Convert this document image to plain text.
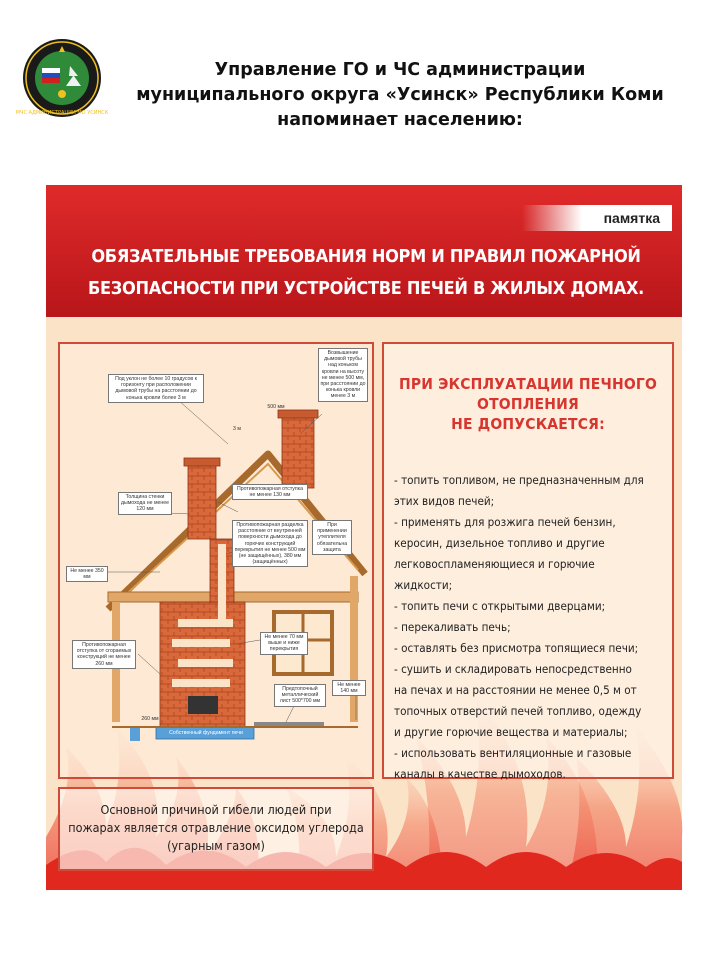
МЧС АДМИНИСТРАЦИИ МО УСИНСК
Управление ГО и ЧС администрации
муниципального округа «Усинск» Республики Коми
напоминает населению:
памятка
ОБЯЗАТЕЛЬНЫЕ ТРЕБОВАНИЯ НОРМ И ПРАВИЛ ПОЖАРНОЙ
БЕЗОПАСНОСТИ ПРИ УСТРОЙСТВЕ ПЕЧЕЙ В ЖИЛЫХ ДОМАХ.
Под уклон не более 10 градусов к горизонту при расположении дымовой трубы на расстоянии до конька кровли более 3 м
Возвышение дымовой трубы над коньком кровли на высоту не менее 500 мм, при расстоянии до конька кровли менее 3 м
500 мм
3 м
Толщина стенки дымохода не менее 120 мм
Противопожарная отступка не менее 130 мм
Противопожарная разделка расстояние от внутренней поверхности дымохода до горючих конструкций перекрытия не менее 500 мм (не защищённых), 380 мм (защищённых)
При применении утеплителя обязательна защита
Не менее 350 мм
Не менее 70 мм выше и ниже перекрытия
Противопожарная отступка от сгораемых конструкций не менее 260 мм
260 мм
Предтопочный металлический лист 500*700 мм
Не менее 140 мм
Собственный фундамент печи
ПРИ ЭКСПЛУАТАЦИИ ПЕЧНОГО
ОТОПЛЕНИЯ
НЕ ДОПУСКАЕТСЯ:
- топить топливом, не предназначенным для
этих видов печей;
- применять для розжига печей бензин,
керосин, дизельное топливо и другие
легковоспламеняющиеся и горючие
жидкости;
- топить печи с открытыми дверцами;
- перекаливать печь;
- оставлять без присмотра топящиеся печи;
- сушить и складировать непосредственно
на печах и на расстоянии не менее 0,5 м от
топочных отверстий печей топливо, одежду
и другие горючие вещества и материалы;
- использовать вентиляционные и газовые
каналы в качестве дымоходов.
Основной причиной гибели людей при
пожарах является отравление оксидом углерода
(угарным газом)
